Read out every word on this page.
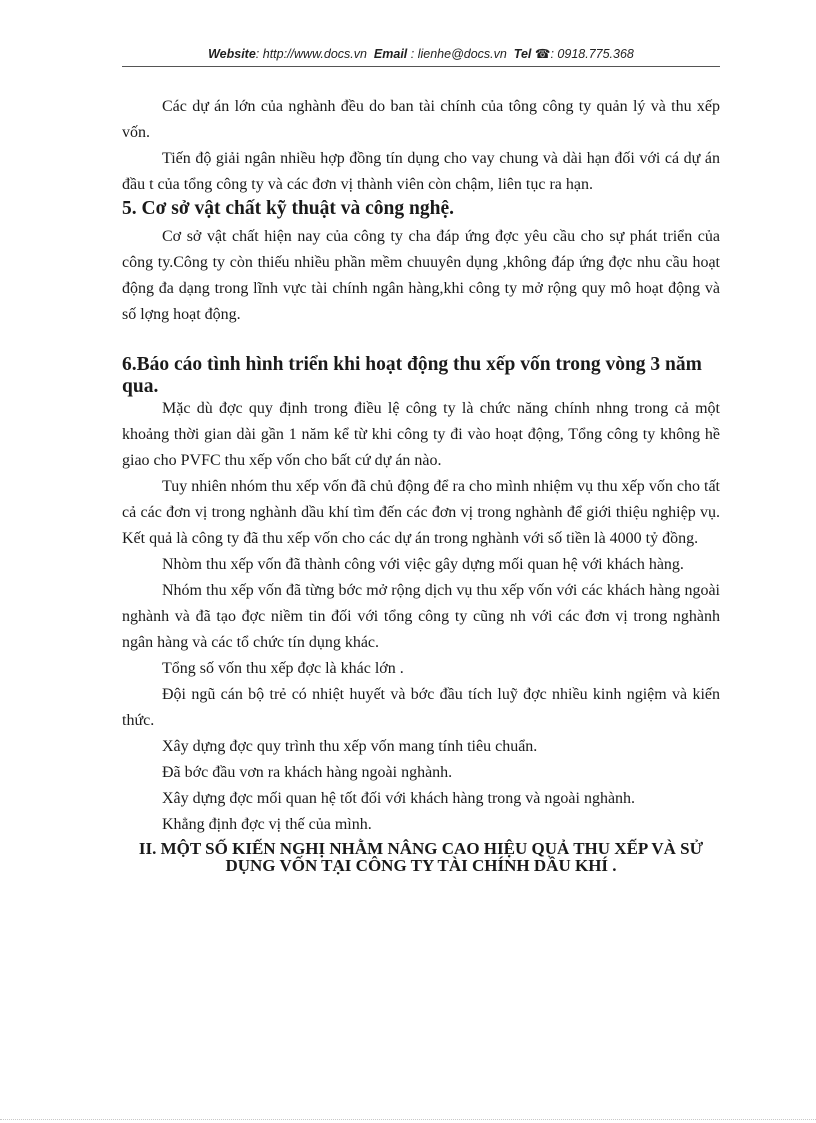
Website: http://www.docs.vn Email : lienhe@docs.vn Tel ☎: 0918.775.368

Các dự án lớn của nghành đều do ban tài chính của tông công ty quản lý và thu xếp vốn.

Tiến độ giải ngân nhiều hợp đồng tín dụng cho vay chung và dài hạn đối với cá dự án đầu t của tổng công ty và các đơn vị thành viên còn chậm, liên tục ra hạn.

5. Cơ sở vật chất kỹ thuật và công nghệ.

Cơ sở vật chất hiện nay của công ty cha đáp ứng đợc yêu cầu cho sự phát triển của công ty.Công ty còn thiếu nhiều phần mềm chuuyên dụng ,không đáp ứng đợc nhu cầu hoạt động đa dạng trong lĩnh vực tài chính ngân hàng,khi công ty mở rộng quy mô hoạt động và số lợng hoạt động.

6.Báo cáo tình hình triển khi hoạt động thu xếp vốn trong vòng 3 năm qua.

Mặc dù đợc quy định trong điều lệ công ty là chức năng chính nhng trong cả một khoảng thời gian dài gần 1 năm kể từ khi công ty đi vào hoạt động, Tổng công ty không hề giao cho PVFC thu xếp vốn cho bất cứ dự án nào.

Tuy nhiên nhóm thu xếp vốn đã chủ động để ra cho mình nhiệm vụ thu xếp vốn cho tất cả các đơn vị trong nghành dầu khí tìm đến các đơn vị trong nghành để giới thiệu nghiệp vụ. Kết quả là công ty đã thu xếp vốn cho các dự án trong nghành với số tiền là 4000 tỷ đồng.

Nhòm thu xếp vốn đã thành công với việc gây dựng mối quan hệ với khách hàng.

Nhóm thu xếp vốn đã từng bớc mở rộng dịch vụ thu xếp vốn với các khách hàng ngoài nghành và đã tạo đợc niềm tin đối với tổng công ty cũng nh với các đơn vị trong nghành ngân hàng và các tổ chức tín dụng khác.

Tổng số vốn thu xếp đợc là khác lớn .

Đội ngũ cán bộ trẻ có nhiệt huyết và bớc đầu tích luỹ đợc nhiều kinh ngiệm và kiến thức.

Xây dựng đợc quy trình thu xếp vốn mang tính tiêu chuẩn.

Đã bớc đầu vơn ra khách hàng ngoài nghành.

Xây dựng đợc mối quan hệ tốt đối với khách hàng trong và ngoài nghành.

Khẳng định đợc vị thế của mình.

II. MỘT SỐ KIẾN NGHỊ NHẰM NÂNG CAO HIỆU QUẢ THU XẾP VÀ SỬ DỤNG VỐN TẠI CÔNG TY TÀI CHÍNH DẦU KHÍ .
